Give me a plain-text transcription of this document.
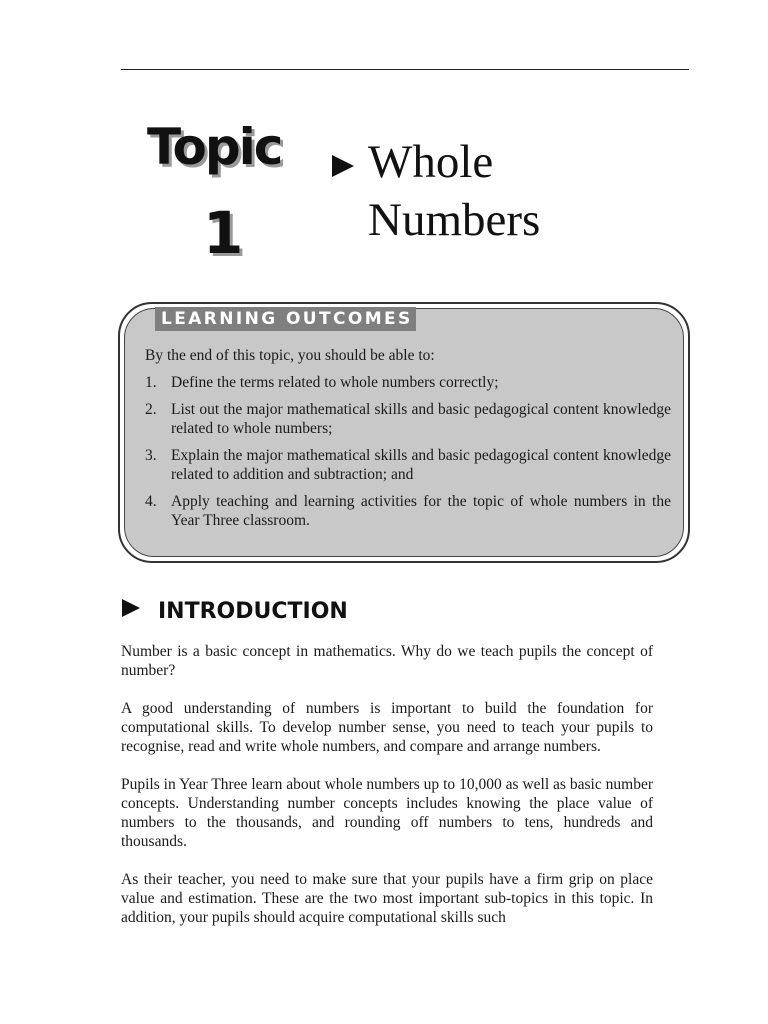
Topic
1
Whole
Numbers
LEARNING OUTCOMES

By the end of this topic, you should be able to:

1. Define the terms related to whole numbers correctly;
2. List out the major mathematical skills and basic pedagogical content knowledge related to whole numbers;
3. Explain the major mathematical skills and basic pedagogical content knowledge related to addition and subtraction; and
4. Apply teaching and learning activities for the topic of whole numbers in the Year Three classroom.
INTRODUCTION

Number is a basic concept in mathematics. Why do we teach pupils the concept of number?

A good understanding of numbers is important to build the foundation for computational skills. To develop number sense, you need to teach your pupils to recognise, read and write whole numbers, and compare and arrange numbers.

Pupils in Year Three learn about whole numbers up to 10,000 as well as basic number concepts. Understanding number concepts includes knowing the place value of numbers to the thousands, and rounding off numbers to tens, hundreds and thousands.

As their teacher, you need to make sure that your pupils have a firm grip on place value and estimation. These are the two most important sub-topics in this topic. In addition, your pupils should acquire computational skills such
